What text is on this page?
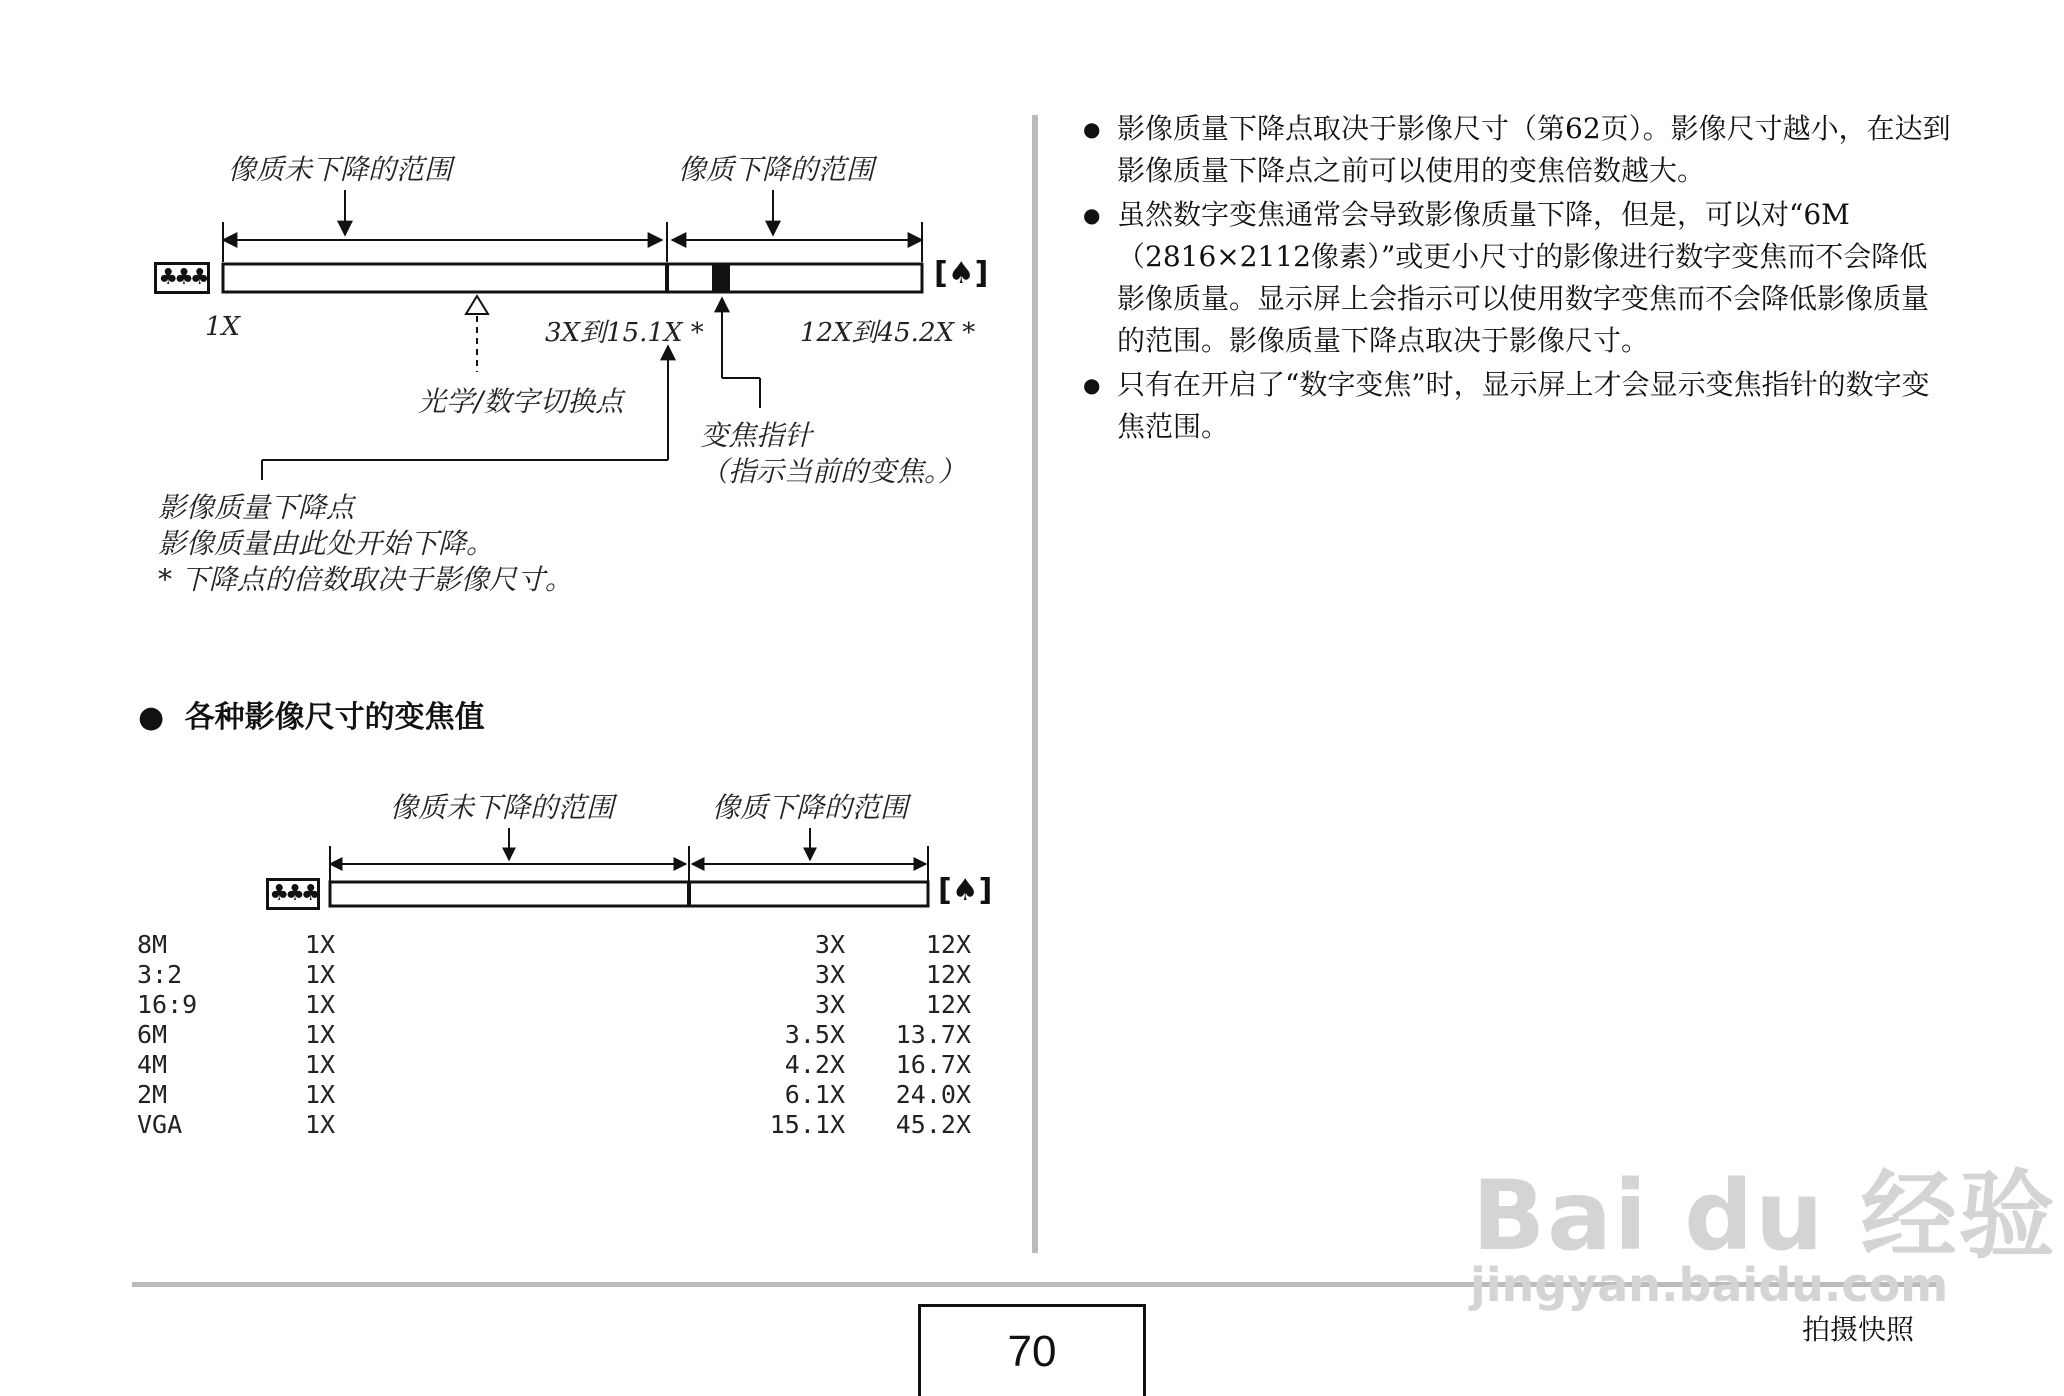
像质未下降的范围	像质下降的范围
♣♣♣	[♠]
1X	3X到15.1X *	12X到45.2X *
光学/数字切换点
变焦指针
（指示当前的变焦。）
影像质量下降点
影像质量由此处开始下降。
* 下降点的倍数取决于影像尺寸。
● 各种影像尺寸的变焦值
像质未下降的范围	像质下降的范围
♣♣♣	[♠]
8M	1X	3X	12X
3:2	1X	3X	12X
16:9	1X	3X	12X
6M	1X	3.5X 13.7X
4M	1X	4.2X 16.7X
2M	1X	6.1X 24.0X
VGA	1X	15.1X 45.2X
● 影像质量下降点取决于影像尺寸（第62页）。影像尺寸越小，在达到影像质量下降点之前可以使用的变焦倍数越大。
● 虽然数字变焦通常会导致影像质量下降，但是，可以对“6M（2816×2112像素）”或更小尺寸的影像进行数字变焦而不会降低影像质量。显示屏上会指示可以使用数字变焦而不会降低影像质量的范围。影像质量下降点取决于影像尺寸。
● 只有在开启了“数字变焦”时，显示屏上才会显示变焦指针的数字变焦范围。
70	拍摄快照
Bai du 经验
jingyan.baidu.com
